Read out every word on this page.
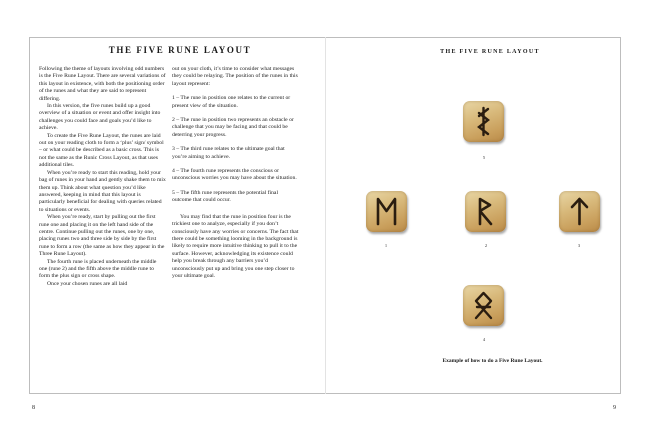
THE FIVE RUNE LAYOUT

Following the theme of layouts involving odd numbers is the Five Rune Layout. There are several variations of this layout in existence, with both the positioning order of the runes and what they are said to represent differing.

In this version, the five runes build up a good overview of a situation or event and offer insight into challenges you could face and goals you’d like to achieve.

To create the Five Rune Layout, the runes are laid out on your reading cloth to form a ‘plus’ sign/ symbol – or what could be described as a basic cross. This is not the same as the Runic Cross Layout, as that uses additional tiles.

When you’re ready to start this reading, hold your bag of runes in your hand and gently shake them to mix them up. Think about what question you’d like answered, keeping in mind that this layout is particularly beneficial for dealing with queries related to situations or events.

When you’re ready, start by pulling out the first rune one and placing it on the left hand side of the centre. Continue pulling out the runes, one by one, placing runes two and three side by side by the first rune to form a row (the same as how they appear in the Three Rune Layout).

The fourth rune is placed underneath the middle one (rune 2) and the fifth above the middle rune to form the plus sign or cross shape.

Once your chosen runes are all laid

out on your cloth, it’s time to consider what messages they could be relaying. The position of the runes in this layout represent:

1 – The rune in position one relates to the current or present view of the situation.

2 – The rune in position two represents an obstacle or challenge that you may be facing and that could be deterring your progress.

3 – The third rune relates to the ultimate goal that you’re aiming to achieve.

4 – The fourth rune represents the conscious or unconscious worries you may have about the situation.

5 – The fifth rune represents the potential final outcome that could occur.

You may find that the rune in position four is the trickiest one to analyze, especially if you don’t consciously have any worries or concerns. The fact that there could be something looming in the background is likely to require more intuitive thinking to pull it to the surface. However, acknowledging its existence could help you break through any barriers you’d unconsciously put up and bring you one step closer to your ultimate goal.

8
THE FIVE RUNE LAYOUT
5
1	2	3
4
Example of how to do a Five Rune Layout.
9
